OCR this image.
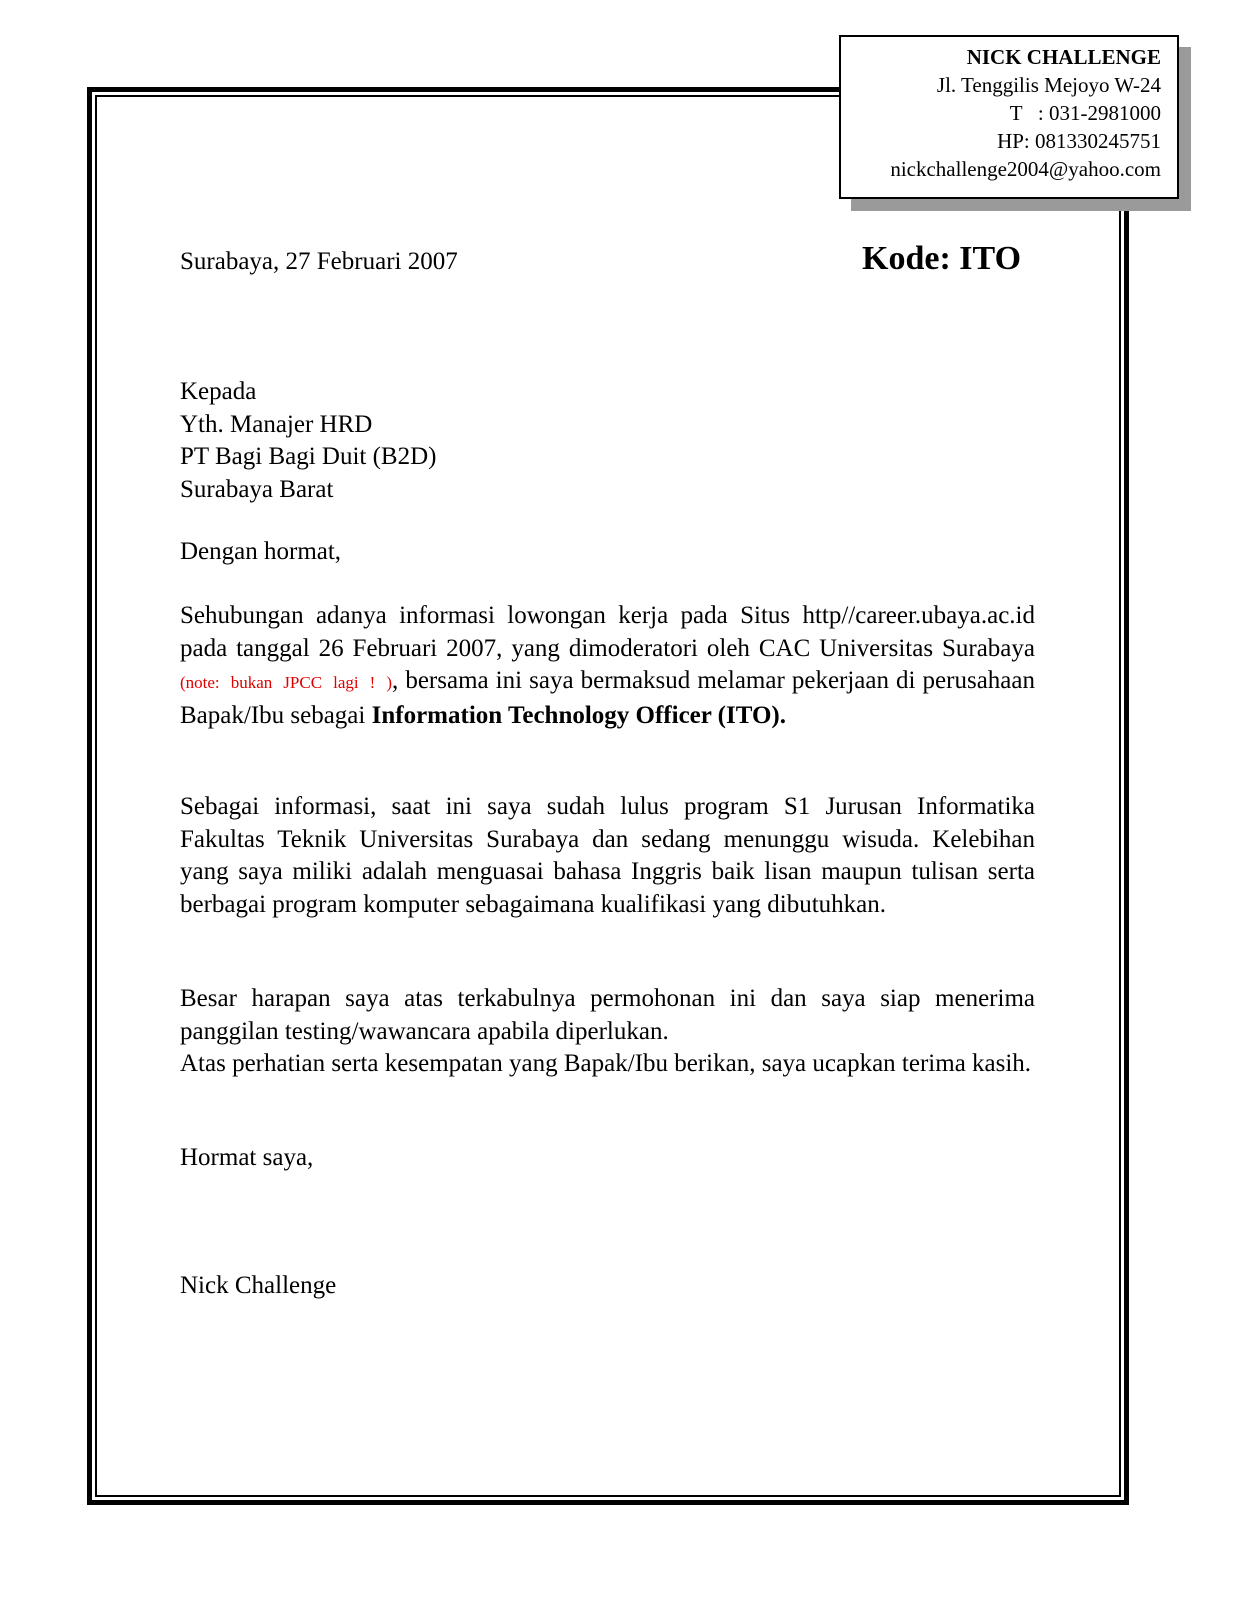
NICK CHALLENGE
Jl. Tenggilis Mejoyo W-24
T   : 031-2981000
HP: 081330245751
nickchallenge2004@yahoo.com
Surabaya, 27 Februari 2007	Kode: ITO
Kepada
Yth. Manajer HRD
PT Bagi Bagi Duit (B2D)
Surabaya Barat
Dengan hormat,

Sehubungan adanya informasi lowongan kerja pada Situs http//career.ubaya.ac.id pada tanggal 26 Februari 2007, yang dimoderatori oleh CAC Universitas Surabaya (note: bukan JPCC lagi ! ), bersama ini saya bermaksud melamar pekerjaan di perusahaan Bapak/Ibu sebagai Information Technology Officer (ITO).

Sebagai informasi, saat ini saya sudah lulus program S1 Jurusan Informatika Fakultas Teknik Universitas Surabaya dan sedang menunggu wisuda. Kelebihan yang saya miliki adalah menguasai bahasa Inggris baik lisan maupun tulisan serta berbagai program komputer sebagaimana kualifikasi yang dibutuhkan.

Besar harapan saya atas terkabulnya permohonan ini dan saya siap menerima panggilan testing/wawancara apabila diperlukan.

Atas perhatian serta kesempatan yang Bapak/Ibu berikan, saya ucapkan terima kasih.

Hormat saya,
Nick Challenge
